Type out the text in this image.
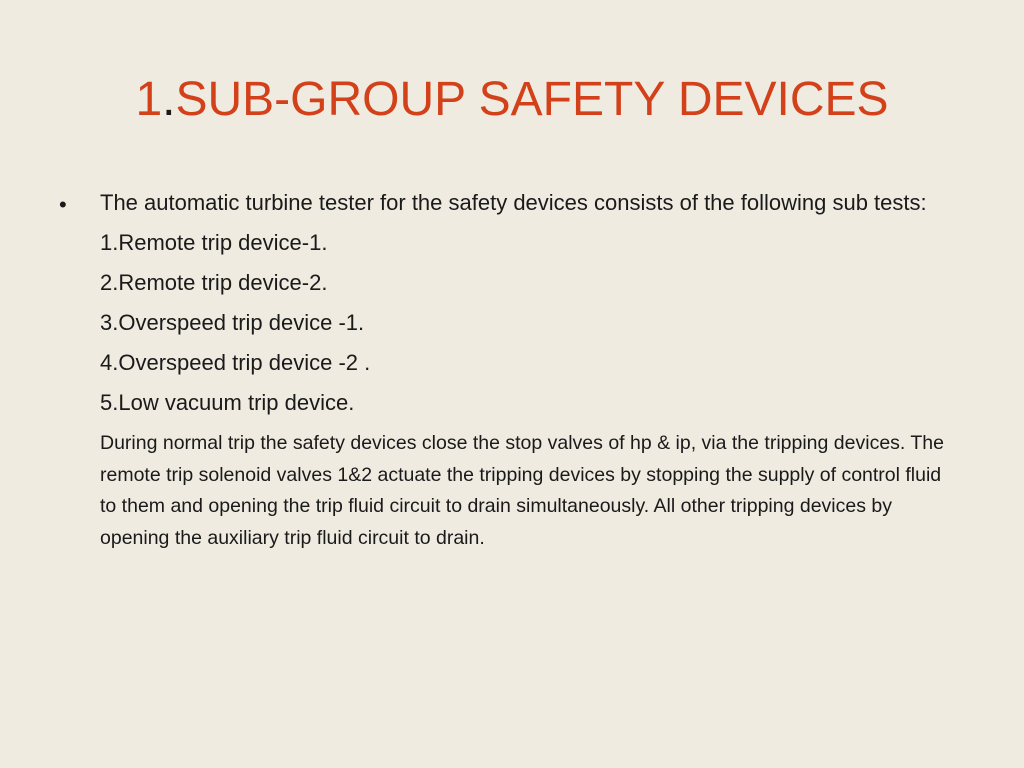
1.SUB-GROUP SAFETY DEVICES

• The automatic turbine tester for the safety devices consists of the following sub tests:

1.Remote trip device-1.
2.Remote trip device-2.
3.Overspeed trip device -1.
4.Overspeed trip device -2 .
5.Low vacuum trip device.

During normal trip the safety devices close the stop valves of hp & ip, via the tripping devices. The remote trip solenoid valves 1&2 actuate the tripping devices by stopping the supply of control fluid to them and opening the trip fluid circuit to drain simultaneously. All other tripping devices by opening the auxiliary trip fluid circuit to drain.
